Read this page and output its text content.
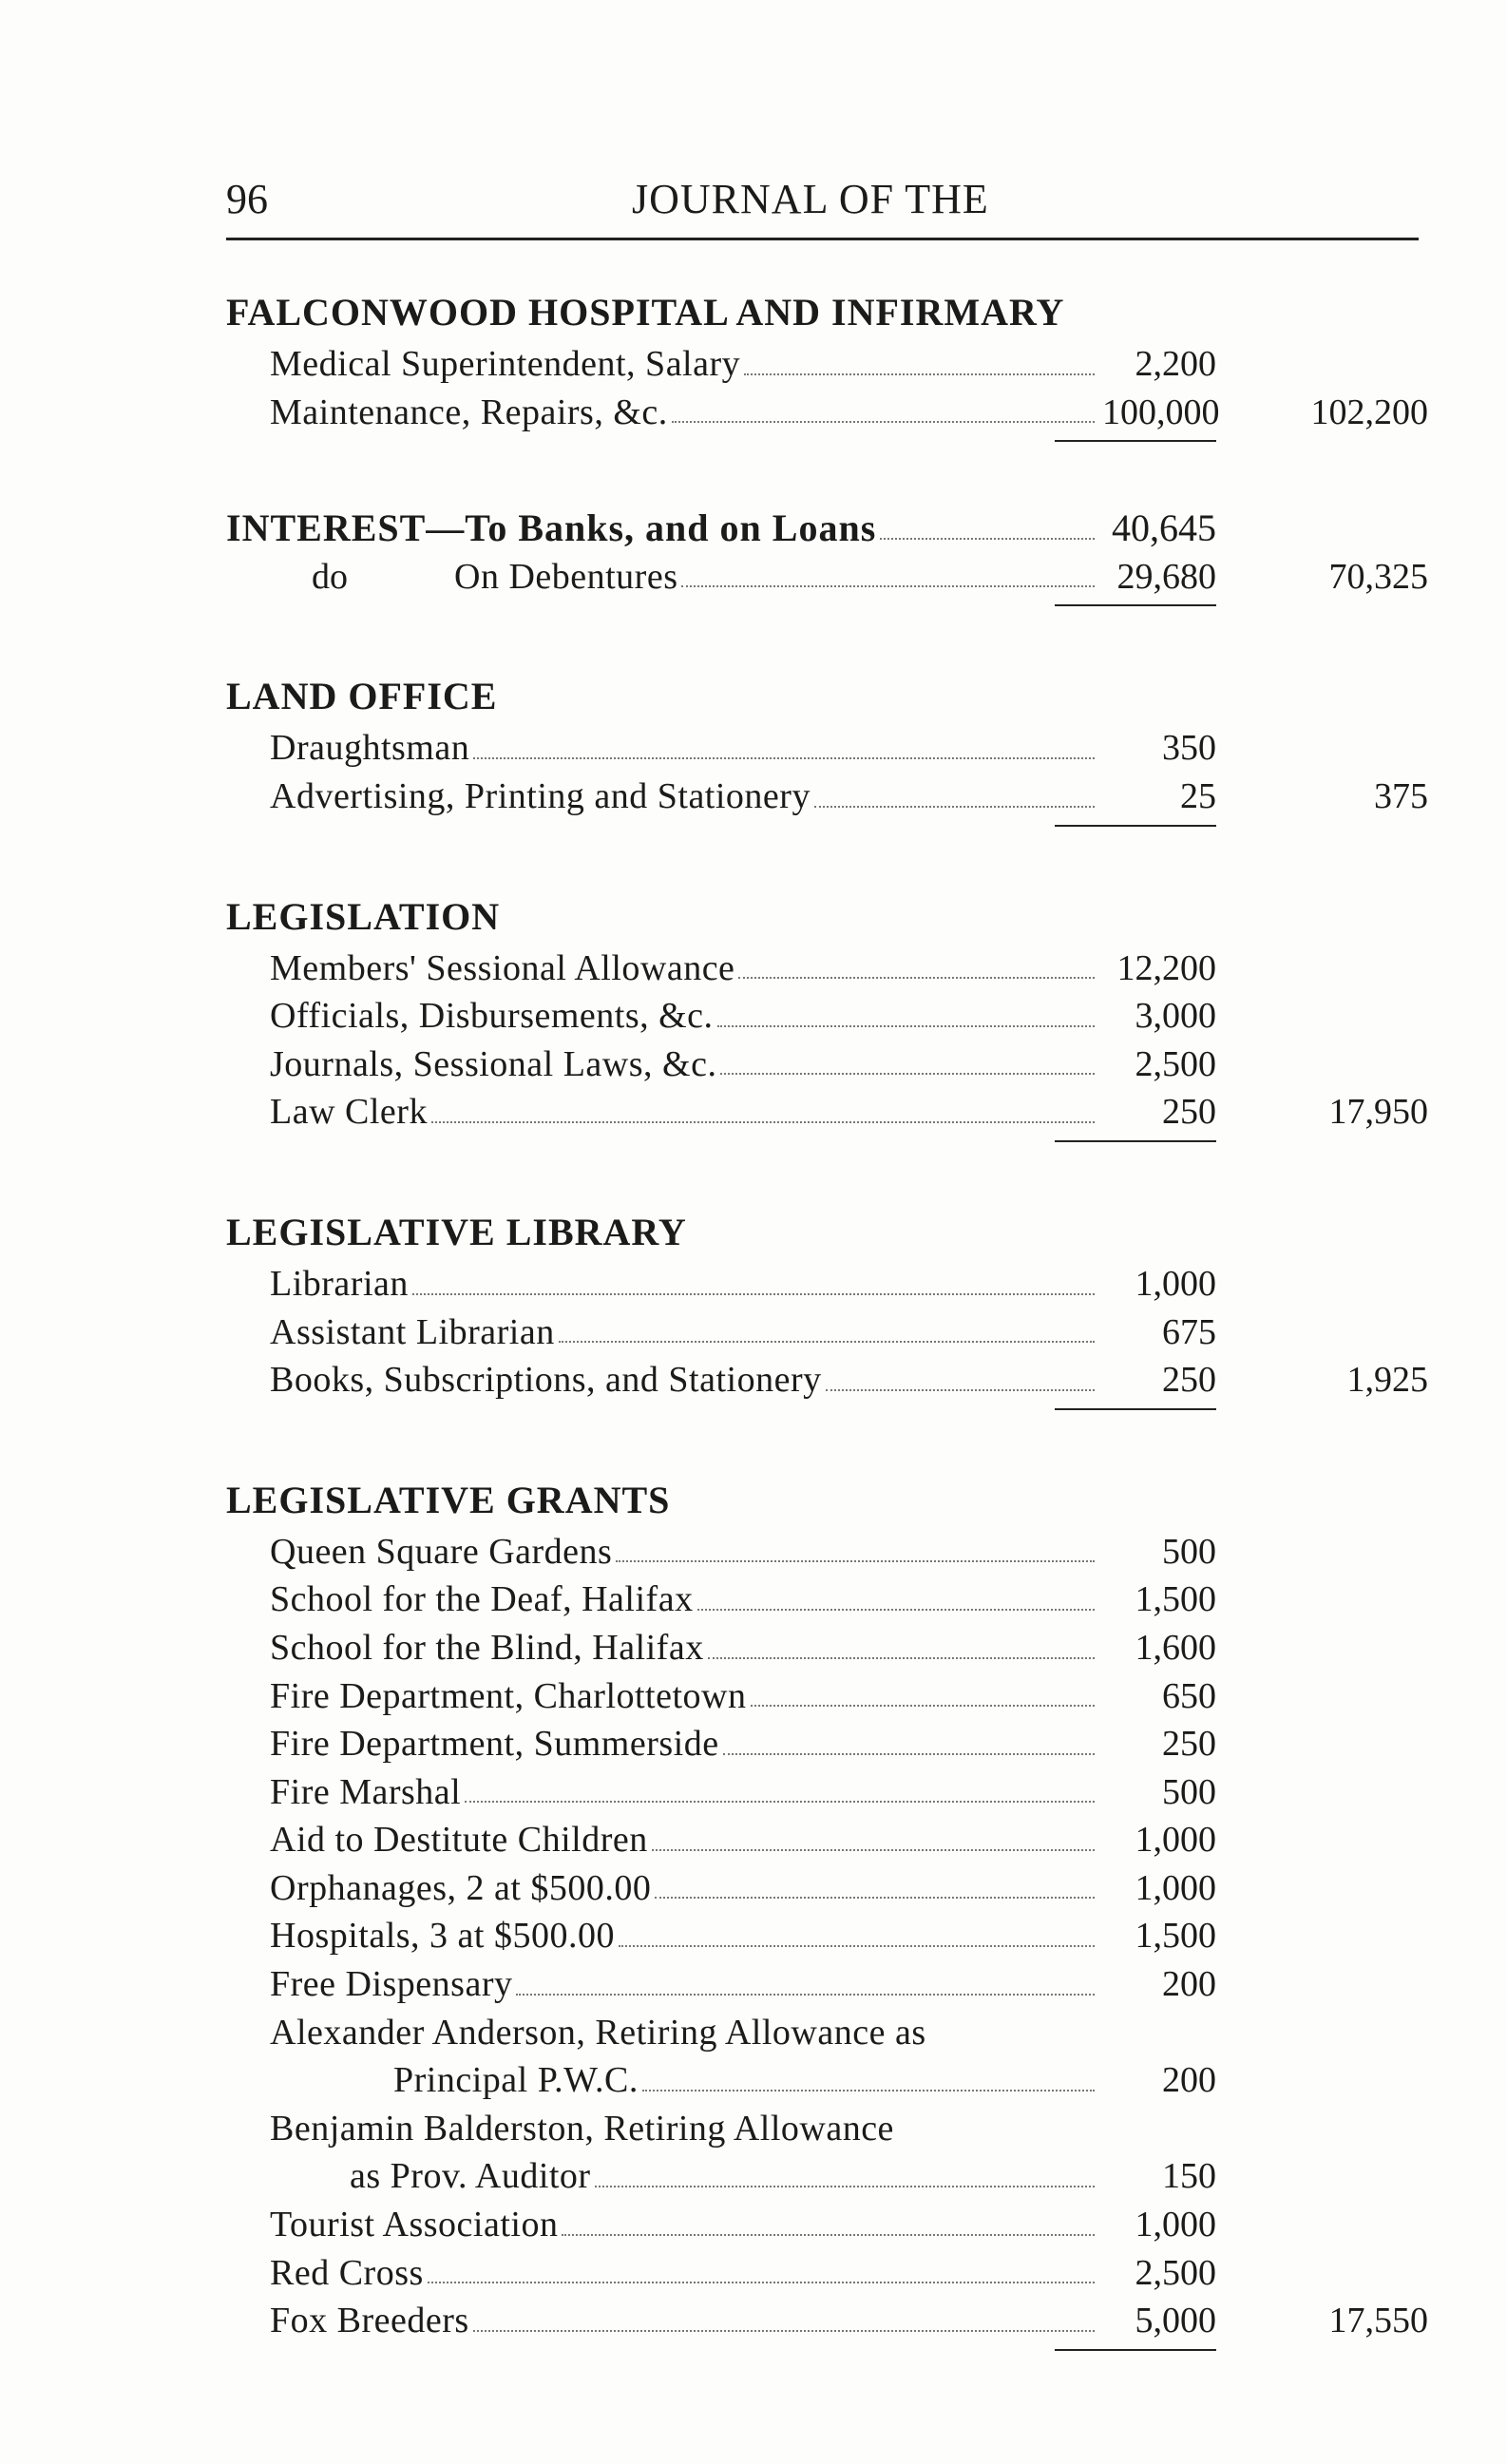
96	JOURNAL OF THE
FALCONWOOD HOSPITAL AND INFIRMARY
Medical Superintendent, Salary	2,200
Maintenance, Repairs, &c.	100,000	102,200
INTEREST—To Banks, and on Loans	40,645
do	On Debentures	29,680	70,325
LAND OFFICE
Draughtsman	350
Advertising, Printing and Stationery	25	375
LEGISLATION
Members' Sessional Allowance	12,200
Officials, Disbursements, &c.	3,000
Journals, Sessional Laws, &c.	2,500
Law Clerk	250	17,950
LEGISLATIVE LIBRARY
Librarian	1,000
Assistant Librarian	675
Books, Subscriptions, and Stationery	250	1,925
LEGISLATIVE GRANTS
Queen Square Gardens	500
School for the Deaf, Halifax	1,500
School for the Blind, Halifax	1,600
Fire Department, Charlottetown	650
Fire Department, Summerside	250
Fire Marshal	500
Aid to Destitute Children	1,000
Orphanages, 2 at $500.00	1,000
Hospitals, 3 at $500.00	1,500
Free Dispensary	200
Alexander Anderson, Retiring Allowance as
Principal P.W.C.	200
Benjamin Balderston, Retiring Allowance
as Prov. Auditor	150
Tourist Association	1,000
Red Cross	2,500
Fox Breeders	5,000	17,550
